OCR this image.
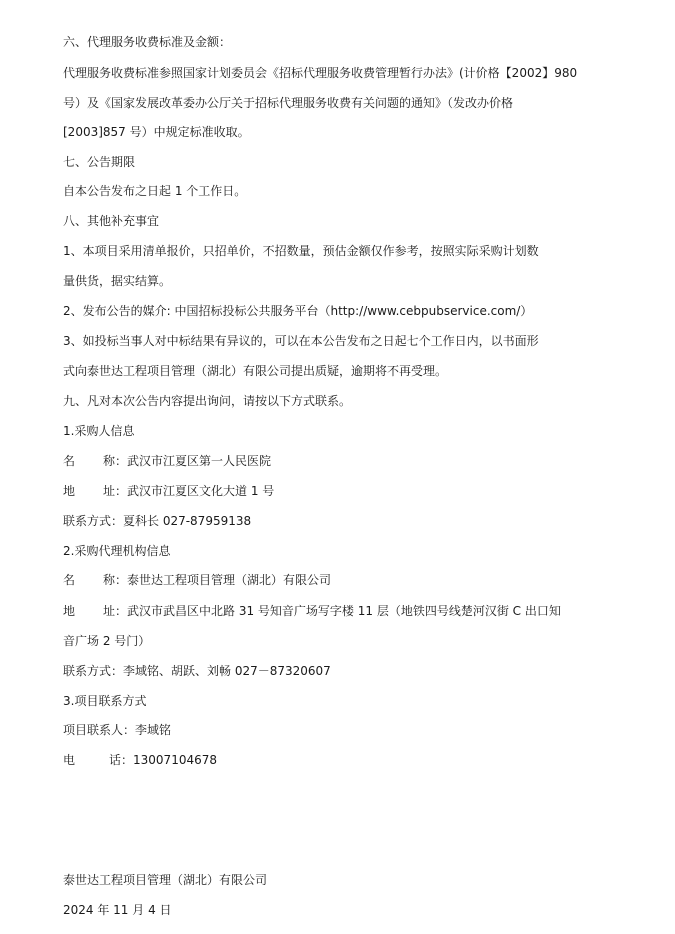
六、代理服务收费标准及金额：
代理服务收费标准参照国家计划委员会《招标代理服务收费管理暂行办法》(计价格【2002】980
号）及《国家发展改革委办公厅关于招标代理服务收费有关问题的通知》（发改办价格
[2003]857 号）中规定标准收取。
七、公告期限
自本公告发布之日起 1 个工作日。
八、其他补充事宜
1、本项目采用清单报价，只招单价，不招数量，预估金额仅作参考，按照实际采购计划数
量供货，据实结算。
2、发布公告的媒介: 中国招标投标公共服务平台（http://www.cebpubservice.com/）
3、如投标当事人对中标结果有异议的，可以在本公告发布之日起七个工作日内，以书面形
式向泰世达工程项目管理（湖北）有限公司提出质疑，逾期将不再受理。
九、凡对本次公告内容提出询问，请按以下方式联系。
1.采购人信息
名 称：武汉市江夏区第一人民医院
地 址：武汉市江夏区文化大道 1 号
联系方式：夏科长 027-87959138
2.采购代理机构信息
名 称：泰世达工程项目管理（湖北）有限公司
地 址：武汉市武昌区中北路 31 号知音广场写字楼 11 层（地铁四号线楚河汉街 C 出口知
音广场 2 号门）
联系方式：李域铭、胡跃、刘畅 027－87320607
3.项目联系方式
项目联系人：李域铭
电	话：13007104678
泰世达工程项目管理（湖北）有限公司
2024 年 11 月 4 日
